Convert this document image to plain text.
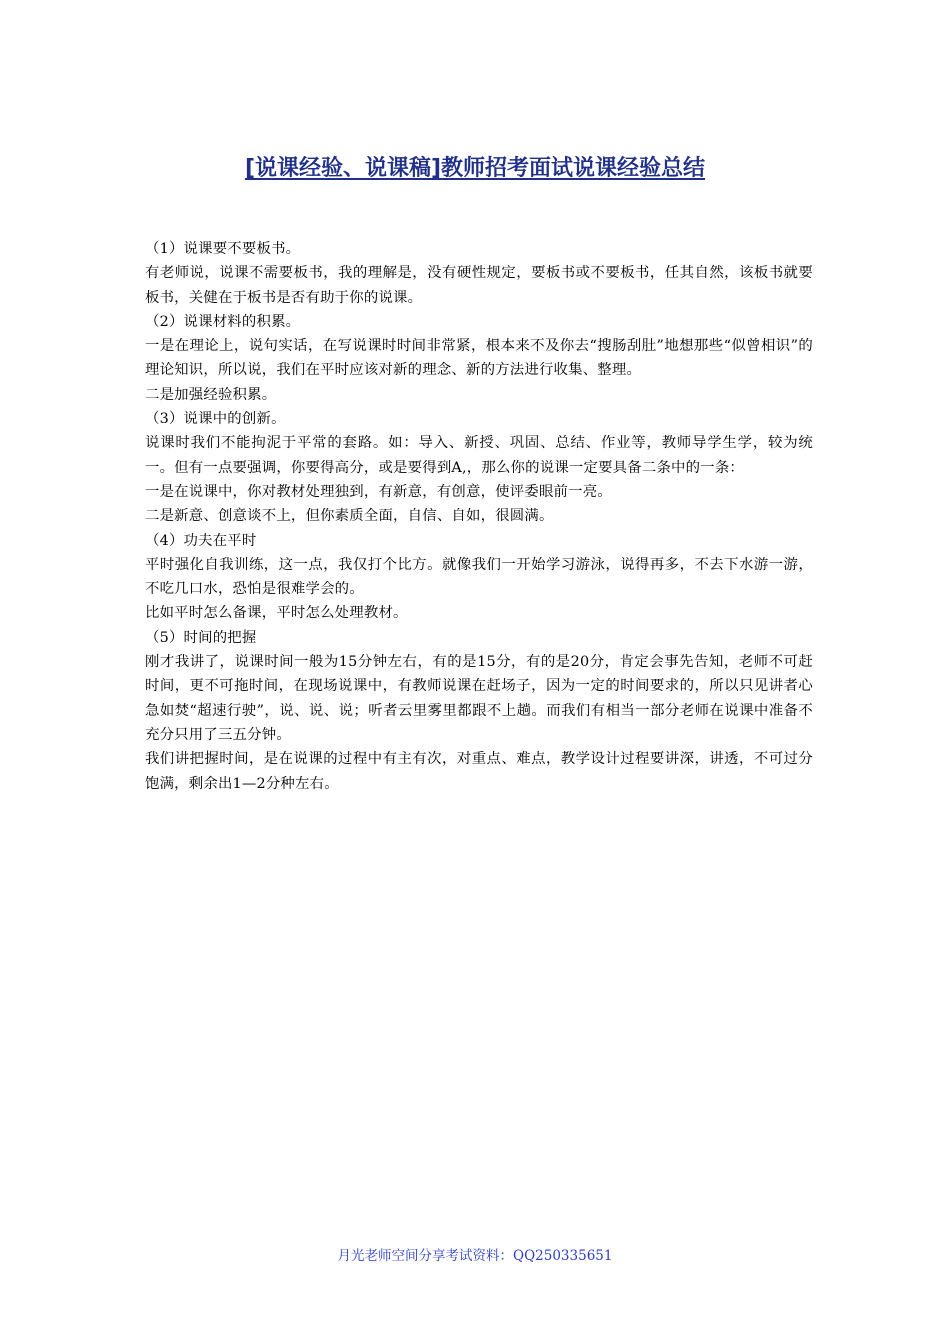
[说课经验、说课稿]教师招考面试说课经验总结

（1）说课要不要板书。

有老师说，说课不需要板书，我的理解是，没有硬性规定，要板书或不要板书，任其自然，该板书就要板书，关健在于板书是否有助于你的说课。

（2）说课材料的积累。

一是在理论上，说句实话，在写说课时时间非常紧，根本来不及你去“搜肠刮肚”地想那些“似曾相识”的理论知识，所以说，我们在平时应该对新的理念、新的方法进行收集、整理。

二是加强经验积累。

（3）说课中的创新。

说课时我们不能拘泥于平常的套路。如：导入、新授、巩固、总结、作业等，教师导学生学，较为统一。但有一点要强调，你要得高分，或是要得到A,，那么你的说课一定要具备二条中的一条：

一是在说课中，你对教材处理独到，有新意，有创意，使评委眼前一亮。

二是新意、创意谈不上，但你素质全面，自信、自如，很圆满。

（4）功夫在平时

平时强化自我训练，这一点，我仅打个比方。就像我们一开始学习游泳，说得再多，不去下水游一游，不吃几口水，恐怕是很难学会的。

比如平时怎么备课，平时怎么处理教材。

（5）时间的把握

刚才我讲了，说课时间一般为15分钟左右，有的是15分，有的是20分，肯定会事先告知，老师不可赶时间，更不可拖时间，在现场说课中，有教师说课在赶场子，因为一定的时间要求的，所以只见讲者心急如焚“超速行驶”，说、说、说；听者云里雾里都跟不上趟。而我们有相当一部分老师在说课中准备不充分只用了三五分钟。

我们讲把握时间，是在说课的过程中有主有次，对重点、难点，教学设计过程要讲深，讲透，不可过分饱满，剩余出1—2分种左右。

月光老师空间分享考试资料：QQ250335651
